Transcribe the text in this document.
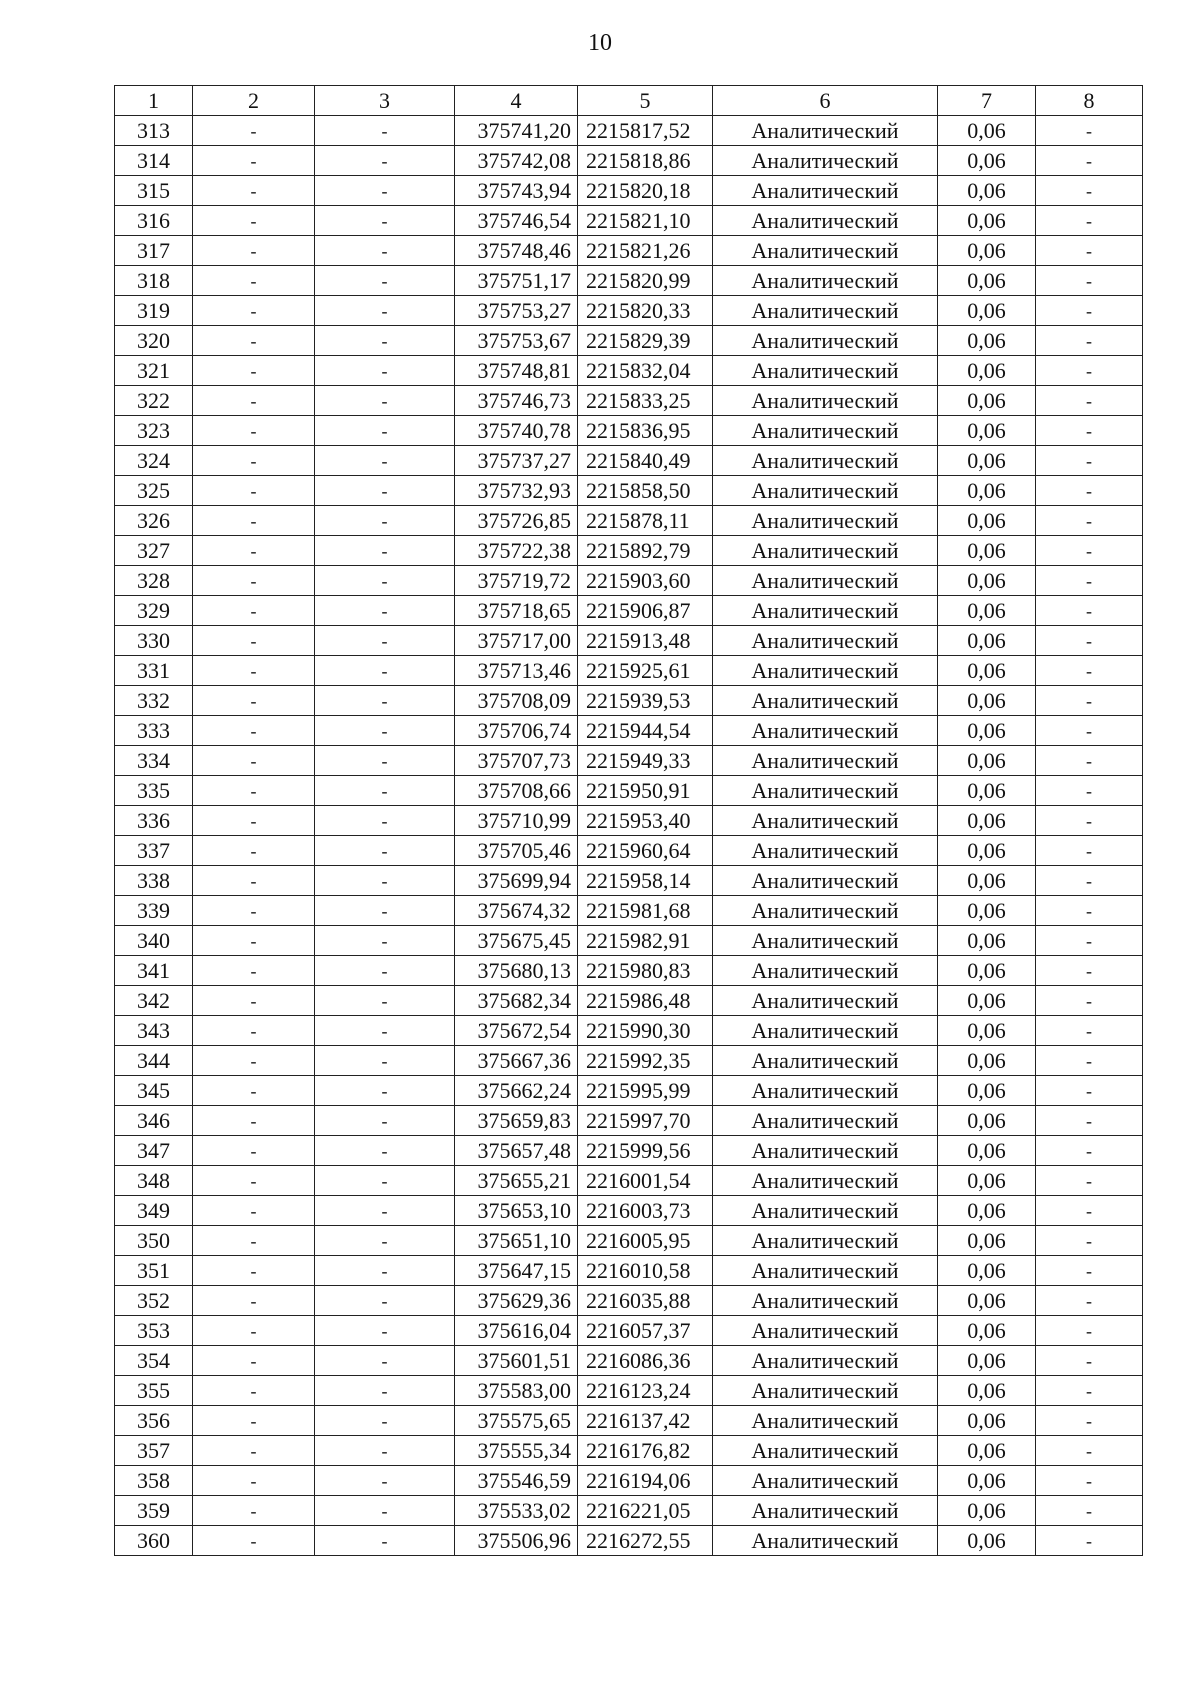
10
1	2	3	4	5	6	7	8
313	-	-	375741,20	2215817,52	Аналитический	0,06	-
314	-	-	375742,08	2215818,86	Аналитический	0,06	-
315	-	-	375743,94	2215820,18	Аналитический	0,06	-
316	-	-	375746,54	2215821,10	Аналитический	0,06	-
317	-	-	375748,46	2215821,26	Аналитический	0,06	-
318	-	-	375751,17	2215820,99	Аналитический	0,06	-
319	-	-	375753,27	2215820,33	Аналитический	0,06	-
320	-	-	375753,67	2215829,39	Аналитический	0,06	-
321	-	-	375748,81	2215832,04	Аналитический	0,06	-
322	-	-	375746,73	2215833,25	Аналитический	0,06	-
323	-	-	375740,78	2215836,95	Аналитический	0,06	-
324	-	-	375737,27	2215840,49	Аналитический	0,06	-
325	-	-	375732,93	2215858,50	Аналитический	0,06	-
326	-	-	375726,85	2215878,11	Аналитический	0,06	-
327	-	-	375722,38	2215892,79	Аналитический	0,06	-
328	-	-	375719,72	2215903,60	Аналитический	0,06	-
329	-	-	375718,65	2215906,87	Аналитический	0,06	-
330	-	-	375717,00	2215913,48	Аналитический	0,06	-
331	-	-	375713,46	2215925,61	Аналитический	0,06	-
332	-	-	375708,09	2215939,53	Аналитический	0,06	-
333	-	-	375706,74	2215944,54	Аналитический	0,06	-
334	-	-	375707,73	2215949,33	Аналитический	0,06	-
335	-	-	375708,66	2215950,91	Аналитический	0,06	-
336	-	-	375710,99	2215953,40	Аналитический	0,06	-
337	-	-	375705,46	2215960,64	Аналитический	0,06	-
338	-	-	375699,94	2215958,14	Аналитический	0,06	-
339	-	-	375674,32	2215981,68	Аналитический	0,06	-
340	-	-	375675,45	2215982,91	Аналитический	0,06	-
341	-	-	375680,13	2215980,83	Аналитический	0,06	-
342	-	-	375682,34	2215986,48	Аналитический	0,06	-
343	-	-	375672,54	2215990,30	Аналитический	0,06	-
344	-	-	375667,36	2215992,35	Аналитический	0,06	-
345	-	-	375662,24	2215995,99	Аналитический	0,06	-
346	-	-	375659,83	2215997,70	Аналитический	0,06	-
347	-	-	375657,48	2215999,56	Аналитический	0,06	-
348	-	-	375655,21	2216001,54	Аналитический	0,06	-
349	-	-	375653,10	2216003,73	Аналитический	0,06	-
350	-	-	375651,10	2216005,95	Аналитический	0,06	-
351	-	-	375647,15	2216010,58	Аналитический	0,06	-
352	-	-	375629,36	2216035,88	Аналитический	0,06	-
353	-	-	375616,04	2216057,37	Аналитический	0,06	-
354	-	-	375601,51	2216086,36	Аналитический	0,06	-
355	-	-	375583,00	2216123,24	Аналитический	0,06	-
356	-	-	375575,65	2216137,42	Аналитический	0,06	-
357	-	-	375555,34	2216176,82	Аналитический	0,06	-
358	-	-	375546,59	2216194,06	Аналитический	0,06	-
359	-	-	375533,02	2216221,05	Аналитический	0,06	-
360	-	-	375506,96	2216272,55	Аналитический	0,06	-
